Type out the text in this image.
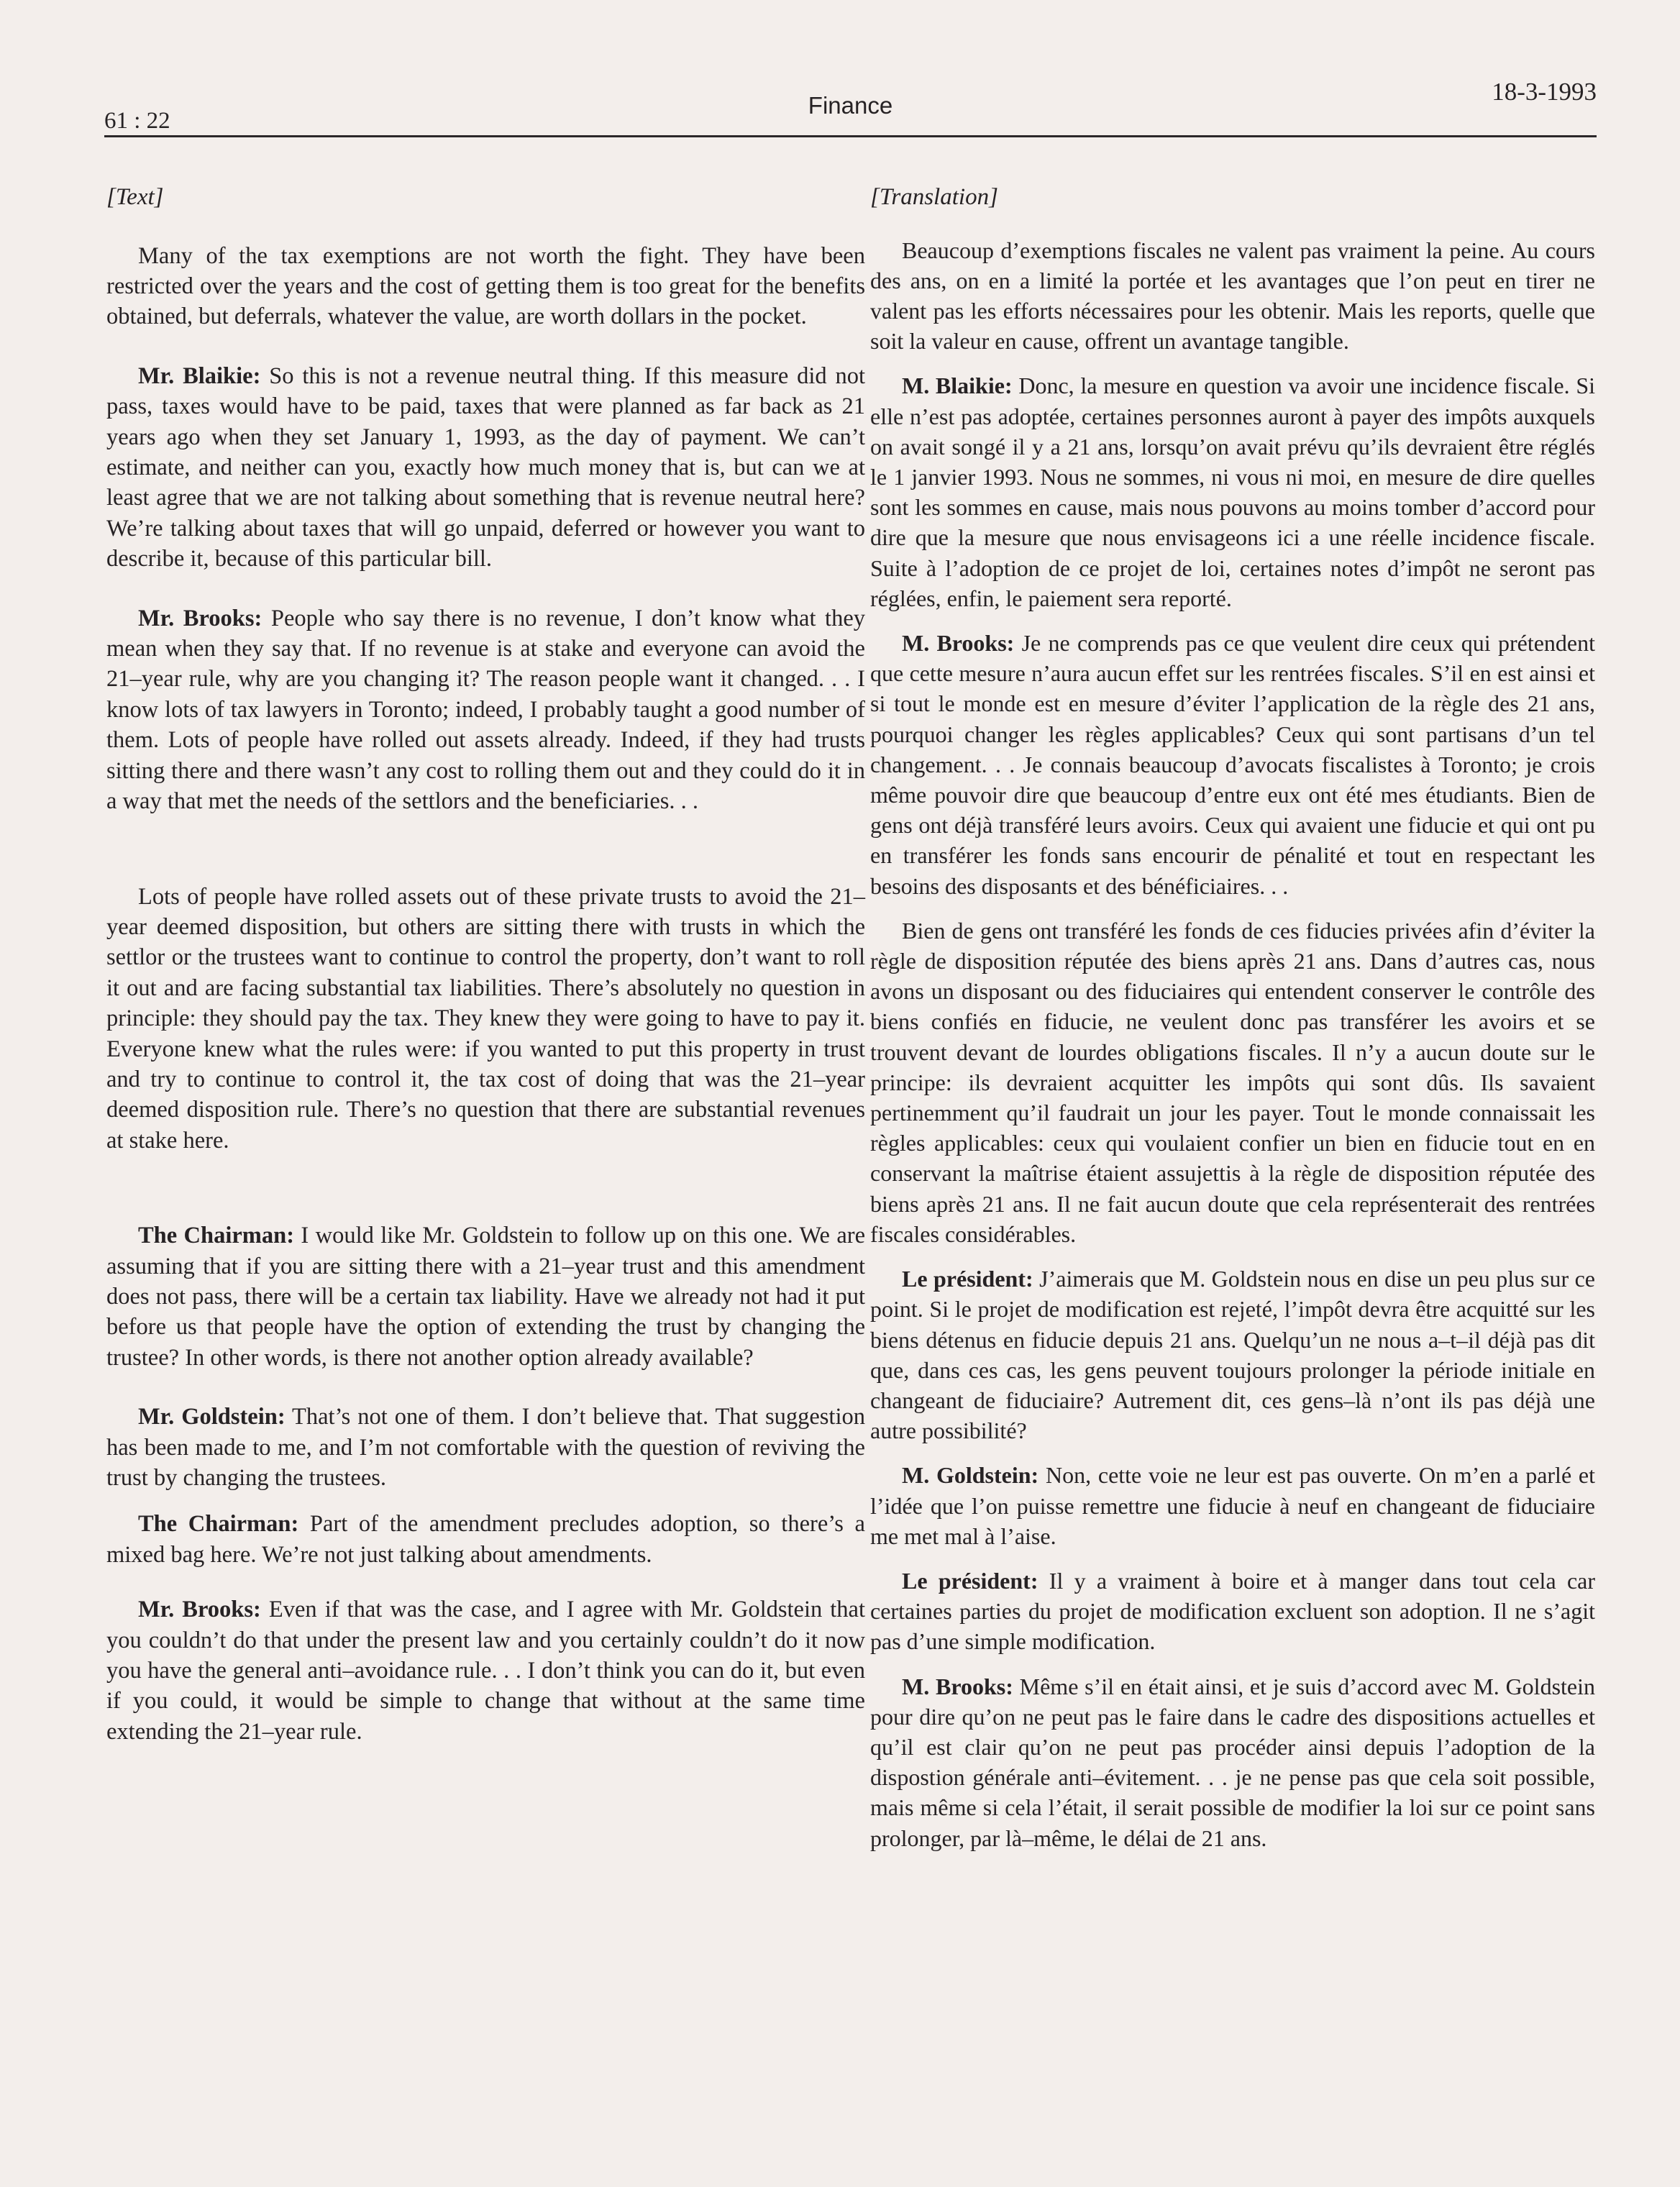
61 : 22
Finance	18-3-1993
[Text]

Many of the tax exemptions are not worth the fight. They have been restricted over the years and the cost of getting them is too great for the benefits obtained, but deferrals, whatever the value, are worth dollars in the pocket.

Mr. Blaikie: So this is not a revenue neutral thing. If this measure did not pass, taxes would have to be paid, taxes that were planned as far back as 21 years ago when they set January 1, 1993, as the day of payment. We can’t estimate, and neither can you, exactly how much money that is, but can we at least agree that we are not talking about something that is revenue neutral here? We’re talking about taxes that will go unpaid, deferred or however you want to describe it, because of this particular bill.

Mr. Brooks: People who say there is no revenue, I don’t know what they mean when they say that. If no revenue is at stake and everyone can avoid the 21–year rule, why are you changing it? The reason people want it changed. . . I know lots of tax lawyers in Toronto; indeed, I probably taught a good number of them. Lots of people have rolled out assets already. Indeed, if they had trusts sitting there and there wasn’t any cost to rolling them out and they could do it in a way that met the needs of the settlors and the beneficiaries. . .

Lots of people have rolled assets out of these private trusts to avoid the 21–year deemed disposition, but others are sitting there with trusts in which the settlor or the trustees want to continue to control the property, don’t want to roll it out and are facing substantial tax liabilities. There’s absolutely no question in principle: they should pay the tax. They knew they were going to have to pay it. Everyone knew what the rules were: if you wanted to put this property in trust and try to continue to control it, the tax cost of doing that was the 21–year deemed disposition rule. There’s no question that there are substantial revenues at stake here.

The Chairman: I would like Mr. Goldstein to follow up on this one. We are assuming that if you are sitting there with a 21–year trust and this amendment does not pass, there will be a certain tax liability. Have we already not had it put before us that people have the option of extending the trust by changing the trustee? In other words, is there not another option already available?

Mr. Goldstein: That’s not one of them. I don’t believe that. That suggestion has been made to me, and I’m not comfortable with the question of reviving the trust by changing the trustees.

The Chairman: Part of the amendment precludes adoption, so there’s a mixed bag here. We’re not just talking about amendments.

Mr. Brooks: Even if that was the case, and I agree with Mr. Goldstein that you couldn’t do that under the present law and you certainly couldn’t do it now you have the general anti–avoidance rule. . . I don’t think you can do it, but even if you could, it would be simple to change that without at the same time extending the 21–year rule.

[Translation]

Beaucoup d’exemptions fiscales ne valent pas vraiment la peine. Au cours des ans, on en a limité la portée et les avantages que l’on peut en tirer ne valent pas les efforts nécessaires pour les obtenir. Mais les reports, quelle que soit la valeur en cause, offrent un avantage tangible.

M. Blaikie: Donc, la mesure en question va avoir une incidence fiscale. Si elle n’est pas adoptée, certaines personnes auront à payer des impôts auxquels on avait songé il y a 21 ans, lorsqu’on avait prévu qu’ils devraient être réglés le 1 janvier 1993. Nous ne sommes, ni vous ni moi, en mesure de dire quelles sont les sommes en cause, mais nous pouvons au moins tomber d’accord pour dire que la mesure que nous envisageons ici a une réelle incidence fiscale. Suite à l’adoption de ce projet de loi, certaines notes d’impôt ne seront pas réglées, enfin, le paiement sera reporté.

M. Brooks: Je ne comprends pas ce que veulent dire ceux qui prétendent que cette mesure n’aura aucun effet sur les rentrées fiscales. S’il en est ainsi et si tout le monde est en mesure d’éviter l’application de la règle des 21 ans, pourquoi changer les règles applicables? Ceux qui sont partisans d’un tel changement. . . Je connais beaucoup d’avocats fiscalistes à Toronto; je crois même pouvoir dire que beaucoup d’entre eux ont été mes étudiants. Bien de gens ont déjà transféré leurs avoirs. Ceux qui avaient une fiducie et qui ont pu en transférer les fonds sans encourir de pénalité et tout en respectant les besoins des disposants et des bénéficiaires. . .

Bien de gens ont transféré les fonds de ces fiducies privées afin d’éviter la règle de disposition réputée des biens après 21 ans. Dans d’autres cas, nous avons un disposant ou des fiduciaires qui entendent conserver le contrôle des biens confiés en fiducie, ne veulent donc pas transférer les avoirs et se trouvent devant de lourdes obligations fiscales. Il n’y a aucun doute sur le principe: ils devraient acquitter les impôts qui sont dûs. Ils savaient pertinemment qu’il faudrait un jour les payer. Tout le monde connaissait les règles applicables: ceux qui voulaient confier un bien en fiducie tout en en conservant la maîtrise étaient assujettis à la règle de disposition réputée des biens après 21 ans. Il ne fait aucun doute que cela représenterait des rentrées fiscales considérables.

Le président: J’aimerais que M. Goldstein nous en dise un peu plus sur ce point. Si le projet de modification est rejeté, l’impôt devra être acquitté sur les biens détenus en fiducie depuis 21 ans. Quelqu’un ne nous a–t–il déjà pas dit que, dans ces cas, les gens peuvent toujours prolonger la période initiale en changeant de fiduciaire? Autrement dit, ces gens–là n’ont ils pas déjà une autre possibilité?

M. Goldstein: Non, cette voie ne leur est pas ouverte. On m’en a parlé et l’idée que l’on puisse remettre une fiducie à neuf en changeant de fiduciaire me met mal à l’aise.

Le président: Il y a vraiment à boire et à manger dans tout cela car certaines parties du projet de modification excluent son adoption. Il ne s’agit pas d’une simple modification.

M. Brooks: Même s’il en était ainsi, et je suis d’accord avec M. Goldstein pour dire qu’on ne peut pas le faire dans le cadre des dispositions actuelles et qu’il est clair qu’on ne peut pas procéder ainsi depuis l’adoption de la dispostion générale anti–évitement. . . je ne pense pas que cela soit possible, mais même si cela l’était, il serait possible de modifier la loi sur ce point sans prolonger, par là–même, le délai de 21 ans.
